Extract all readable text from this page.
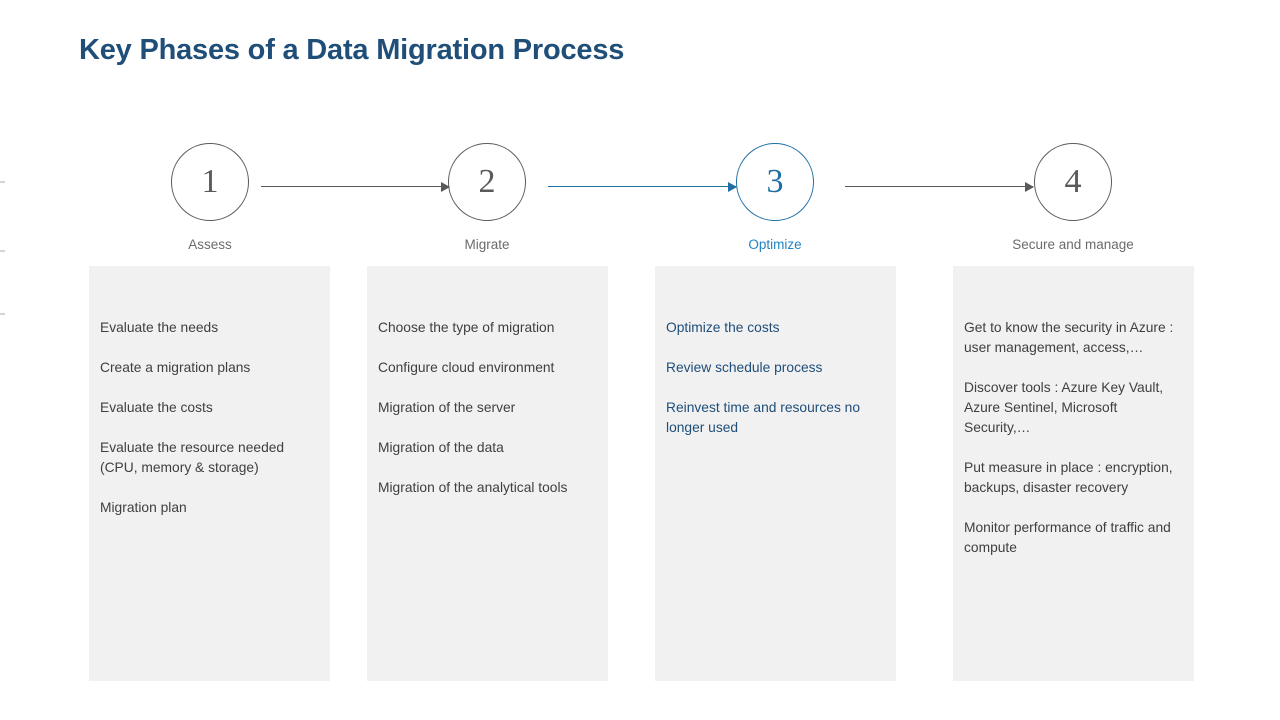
Key Phases of a Data Migration Process
1
Assess
2
Migrate
3
Optimize
4
Secure and manage
Evaluate the needs
Create a migration plans
Evaluate the costs
Evaluate the resource needed (CPU, memory & storage)
Migration plan
Choose the type of migration
Configure cloud environment
Migration of the server
Migration of the data
Migration of the analytical tools
Optimize the costs
Review schedule process
Reinvest time and resources no longer used
Get to know the security in Azure : user management, access,…
Discover tools : Azure Key Vault, Azure Sentinel, Microsoft Security,…
Put measure in place : encryption, backups, disaster recovery
Monitor performance of traffic and compute
